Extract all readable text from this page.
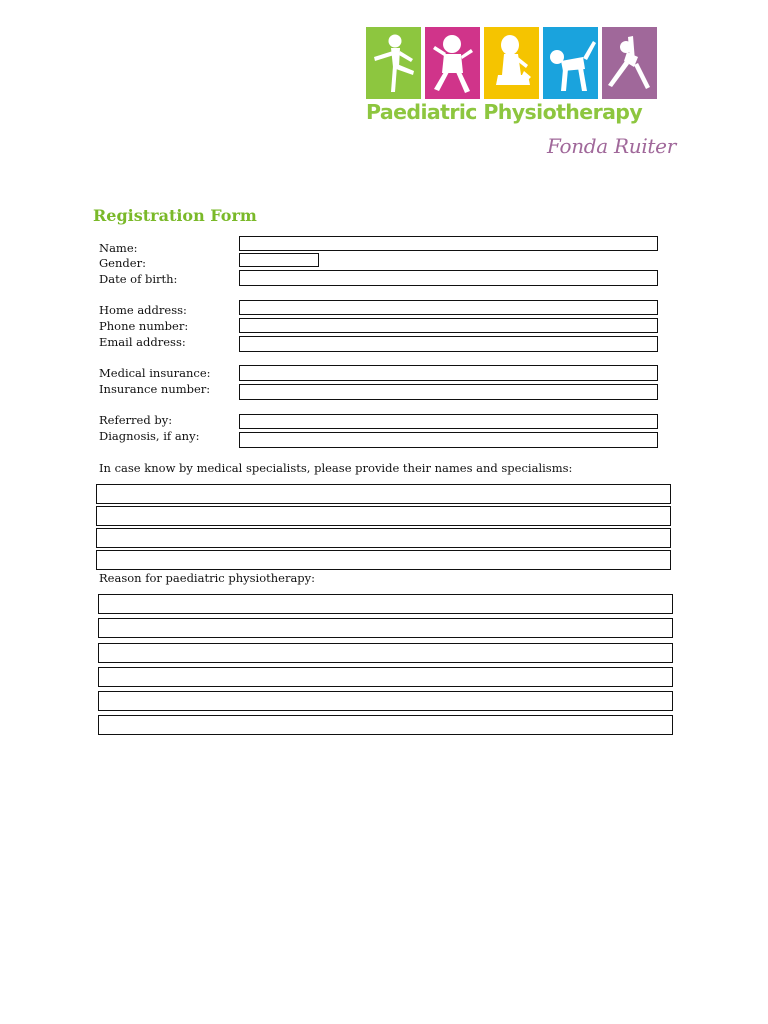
Paediatric Physiotherapy
Fonda Ruiter
Registration Form

Name:

Gender:

Date of birth:

Home address:

Phone number:

Email address:

Medical insurance:

Insurance number:

Referred by:

Diagnosis, if any:

In case know by medical specialists, please provide their names and specialisms:

Reason for paediatric physiotherapy:
